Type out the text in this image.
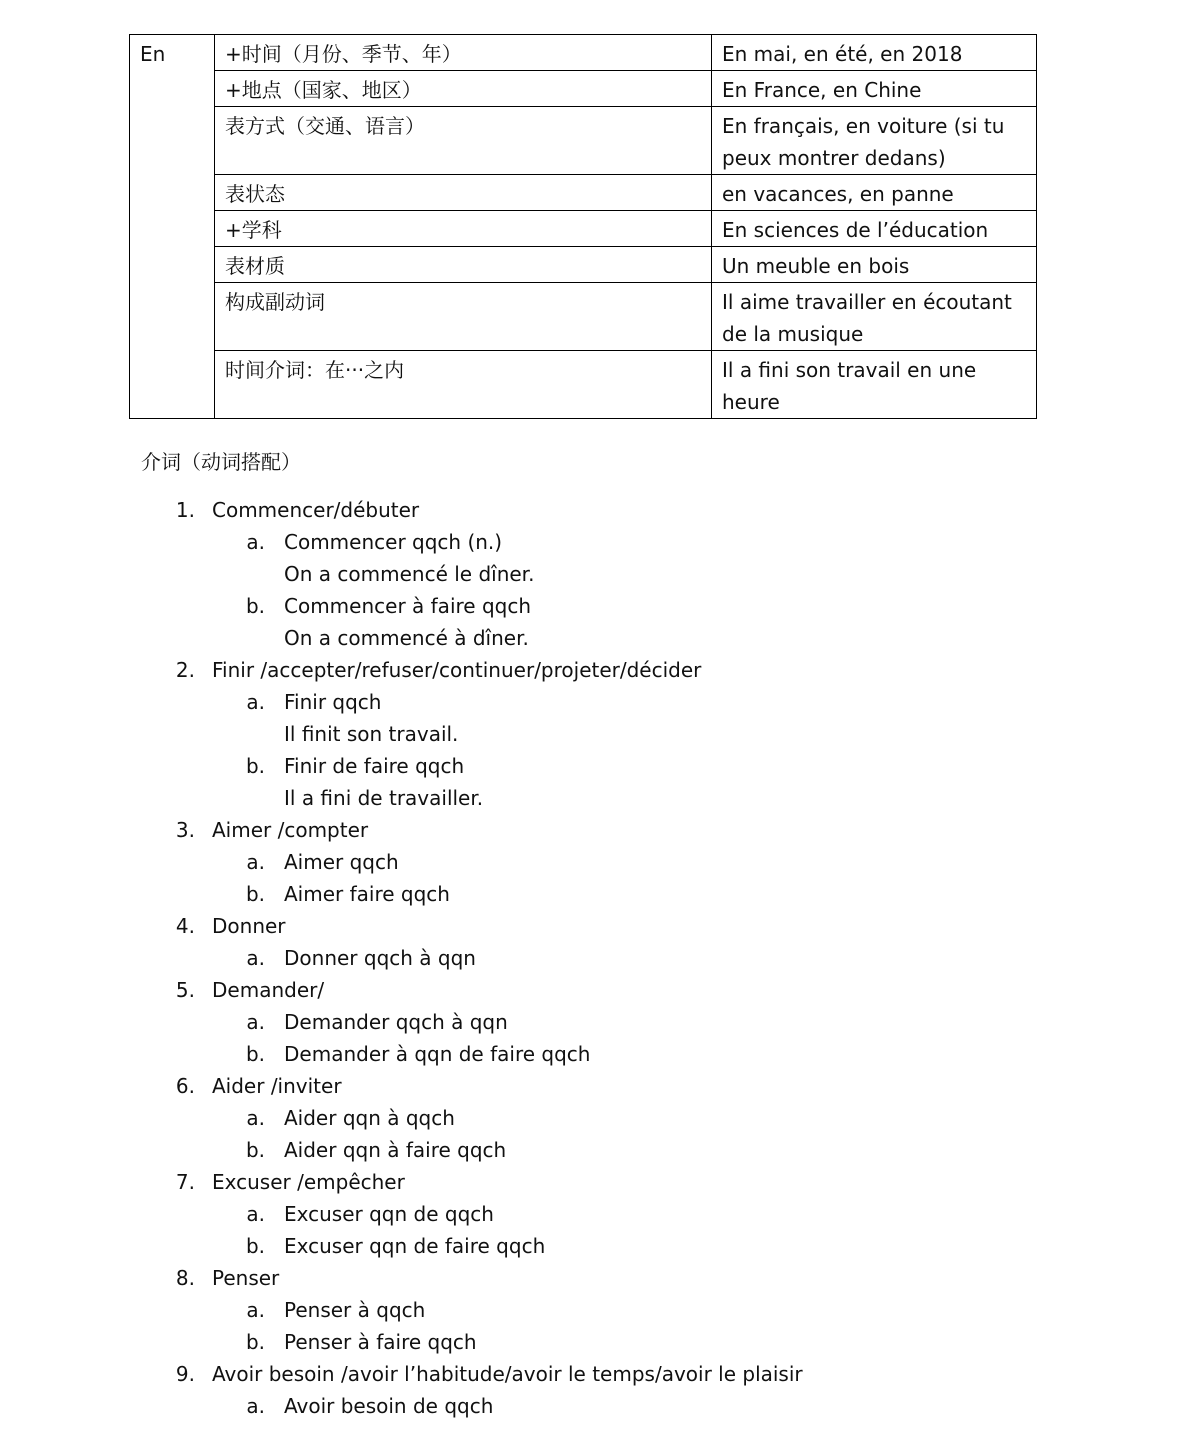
En	+时间（月份、季节、年）	En mai, en été, en 2018
	+地点（国家、地区）	En France, en Chine
	表方式（交通、语言）	En français, en voiture (si tu peux montrer dedans)
	表状态	en vacances, en panne
	+学科	En sciences de l’éducation
	表材质	Un meuble en bois
	构成副动词	Il aime travailler en écoutant de la musique
	时间介词：在···之内	Il a fini son travail en une heure
介词（动词搭配）
1. Commencer/débuter
a. Commencer qqch (n.)
On a commencé le dîner.
b. Commencer à faire qqch
On a commencé à dîner.
2. Finir /accepter/refuser/continuer/projeter/décider
a. Finir qqch
Il finit son travail.
b. Finir de faire qqch
Il a fini de travailler.
3. Aimer /compter
a. Aimer qqch
b. Aimer faire qqch
4. Donner
a. Donner qqch à qqn
5. Demander/
a. Demander qqch à qqn
b. Demander à qqn de faire qqch
6. Aider /inviter
a. Aider qqn à qqch
b. Aider qqn à faire qqch
7. Excuser /empêcher
a. Excuser qqn de qqch
b. Excuser qqn de faire qqch
8. Penser
a. Penser à qqch
b. Penser à faire qqch
9. Avoir besoin /avoir l’habitude/avoir le temps/avoir le plaisir
a. Avoir besoin de qqch
